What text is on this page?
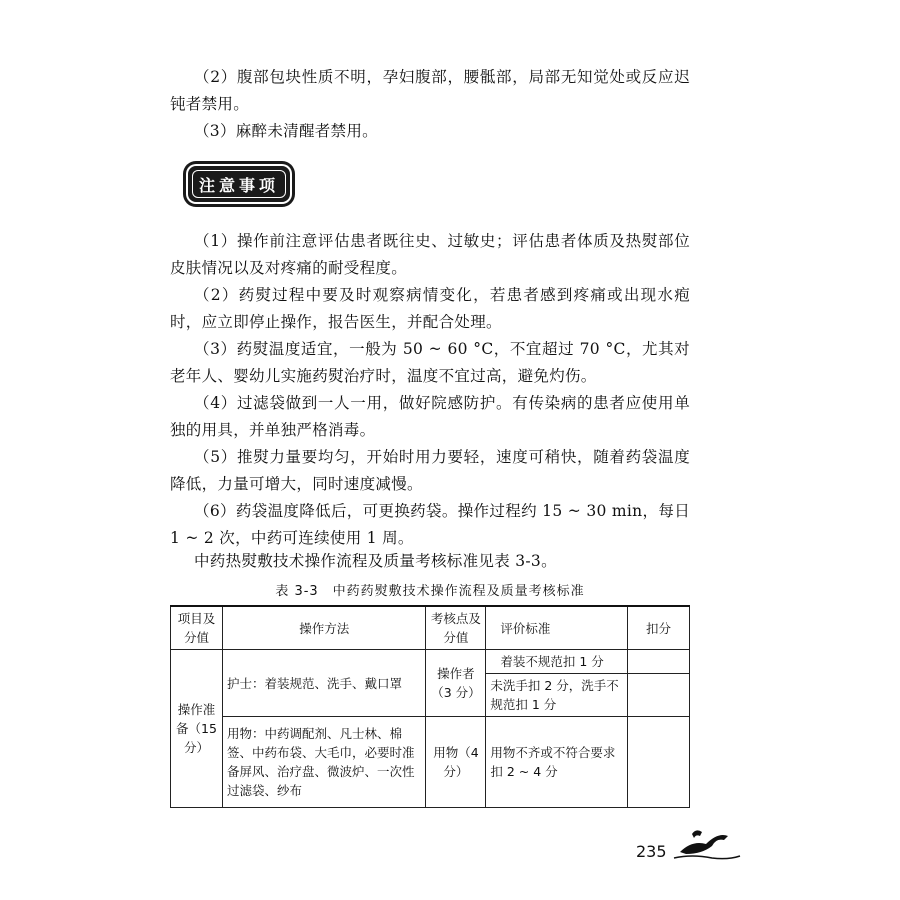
（2）腹部包块性质不明，孕妇腹部，腰骶部，局部无知觉处或反应迟钝者禁用。
（3）麻醉未清醒者禁用。
注意事项
（1）操作前注意评估患者既往史、过敏史；评估患者体质及热熨部位皮肤情况以及对疼痛的耐受程度。
（2）药熨过程中要及时观察病情变化，若患者感到疼痛或出现水疱时，应立即停止操作，报告医生，并配合处理。
（3）药熨温度适宜，一般为 50 ~ 60 °C，不宜超过 70 °C，尤其对老年人、婴幼儿实施药熨治疗时，温度不宜过高，避免灼伤。
（4）过滤袋做到一人一用，做好院感防护。有传染病的患者应使用单独的用具，并单独严格消毒。
（5）推熨力量要均匀，开始时用力要轻，速度可稍快，随着药袋温度降低，力量可增大，同时速度减慢。
（6）药袋温度降低后，可更换药袋。操作过程约 15 ~ 30 min，每日 1 ~ 2 次，中药可连续使用 1 周。
中药热熨敷技术操作流程及质量考核标准见表 3-3。
表 3-3　中药药熨敷技术操作流程及质量考核标准
项目及分值	操作方法	考核点及分值	评价标准	扣分
操作准备（15 分）	护士：着装规范、洗手、戴口罩	操作者（3 分）	着装不规范扣 1 分	
			未洗手扣 2 分，洗手不规范扣 1 分	
	用物：中药调配剂、凡士林、棉签、中药布袋、大毛巾，必要时准备屏风、治疗盘、微波炉、一次性过滤袋、纱布	用物（4 分）	用物不齐或不符合要求扣 2 ~ 4 分	
235
